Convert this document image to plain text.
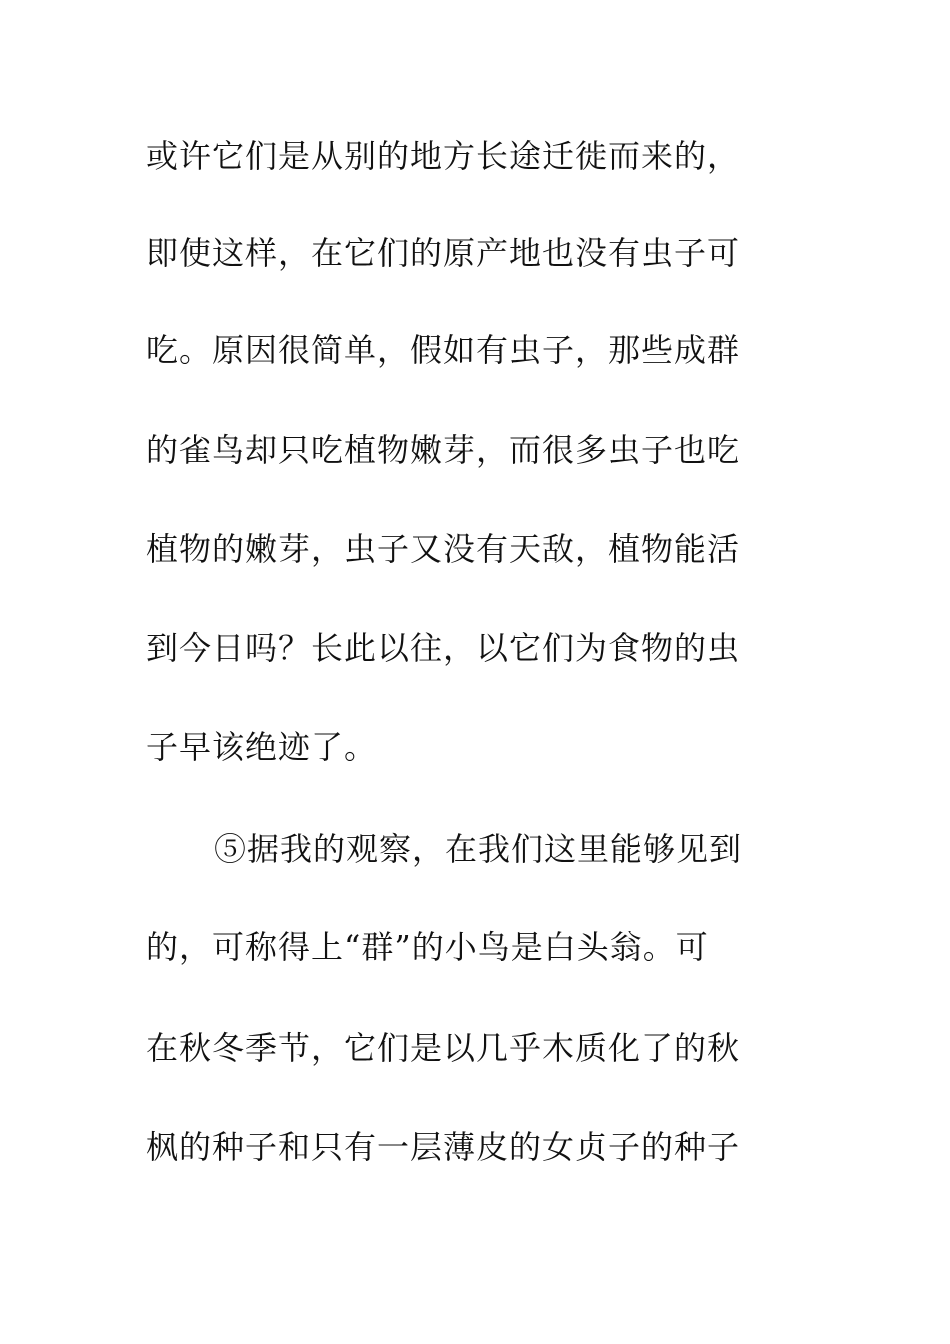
或许它们是从别的地方长途迁徙而来的，
即使这样，在它们的原产地也没有虫子可
吃。原因很简单，假如有虫子，那些成群
的雀鸟却只吃植物嫩芽，而很多虫子也吃
植物的嫩芽，虫子又没有天敌，植物能活
到今日吗？长此以往，以它们为食物的虫
子早该绝迹了。
⑤据我的观察，在我们这里能够见到
的，可称得上“群”的小鸟是白头翁。可
在秋冬季节，它们是以几乎木质化了的秋
枫的种子和只有一层薄皮的女贞子的种子
